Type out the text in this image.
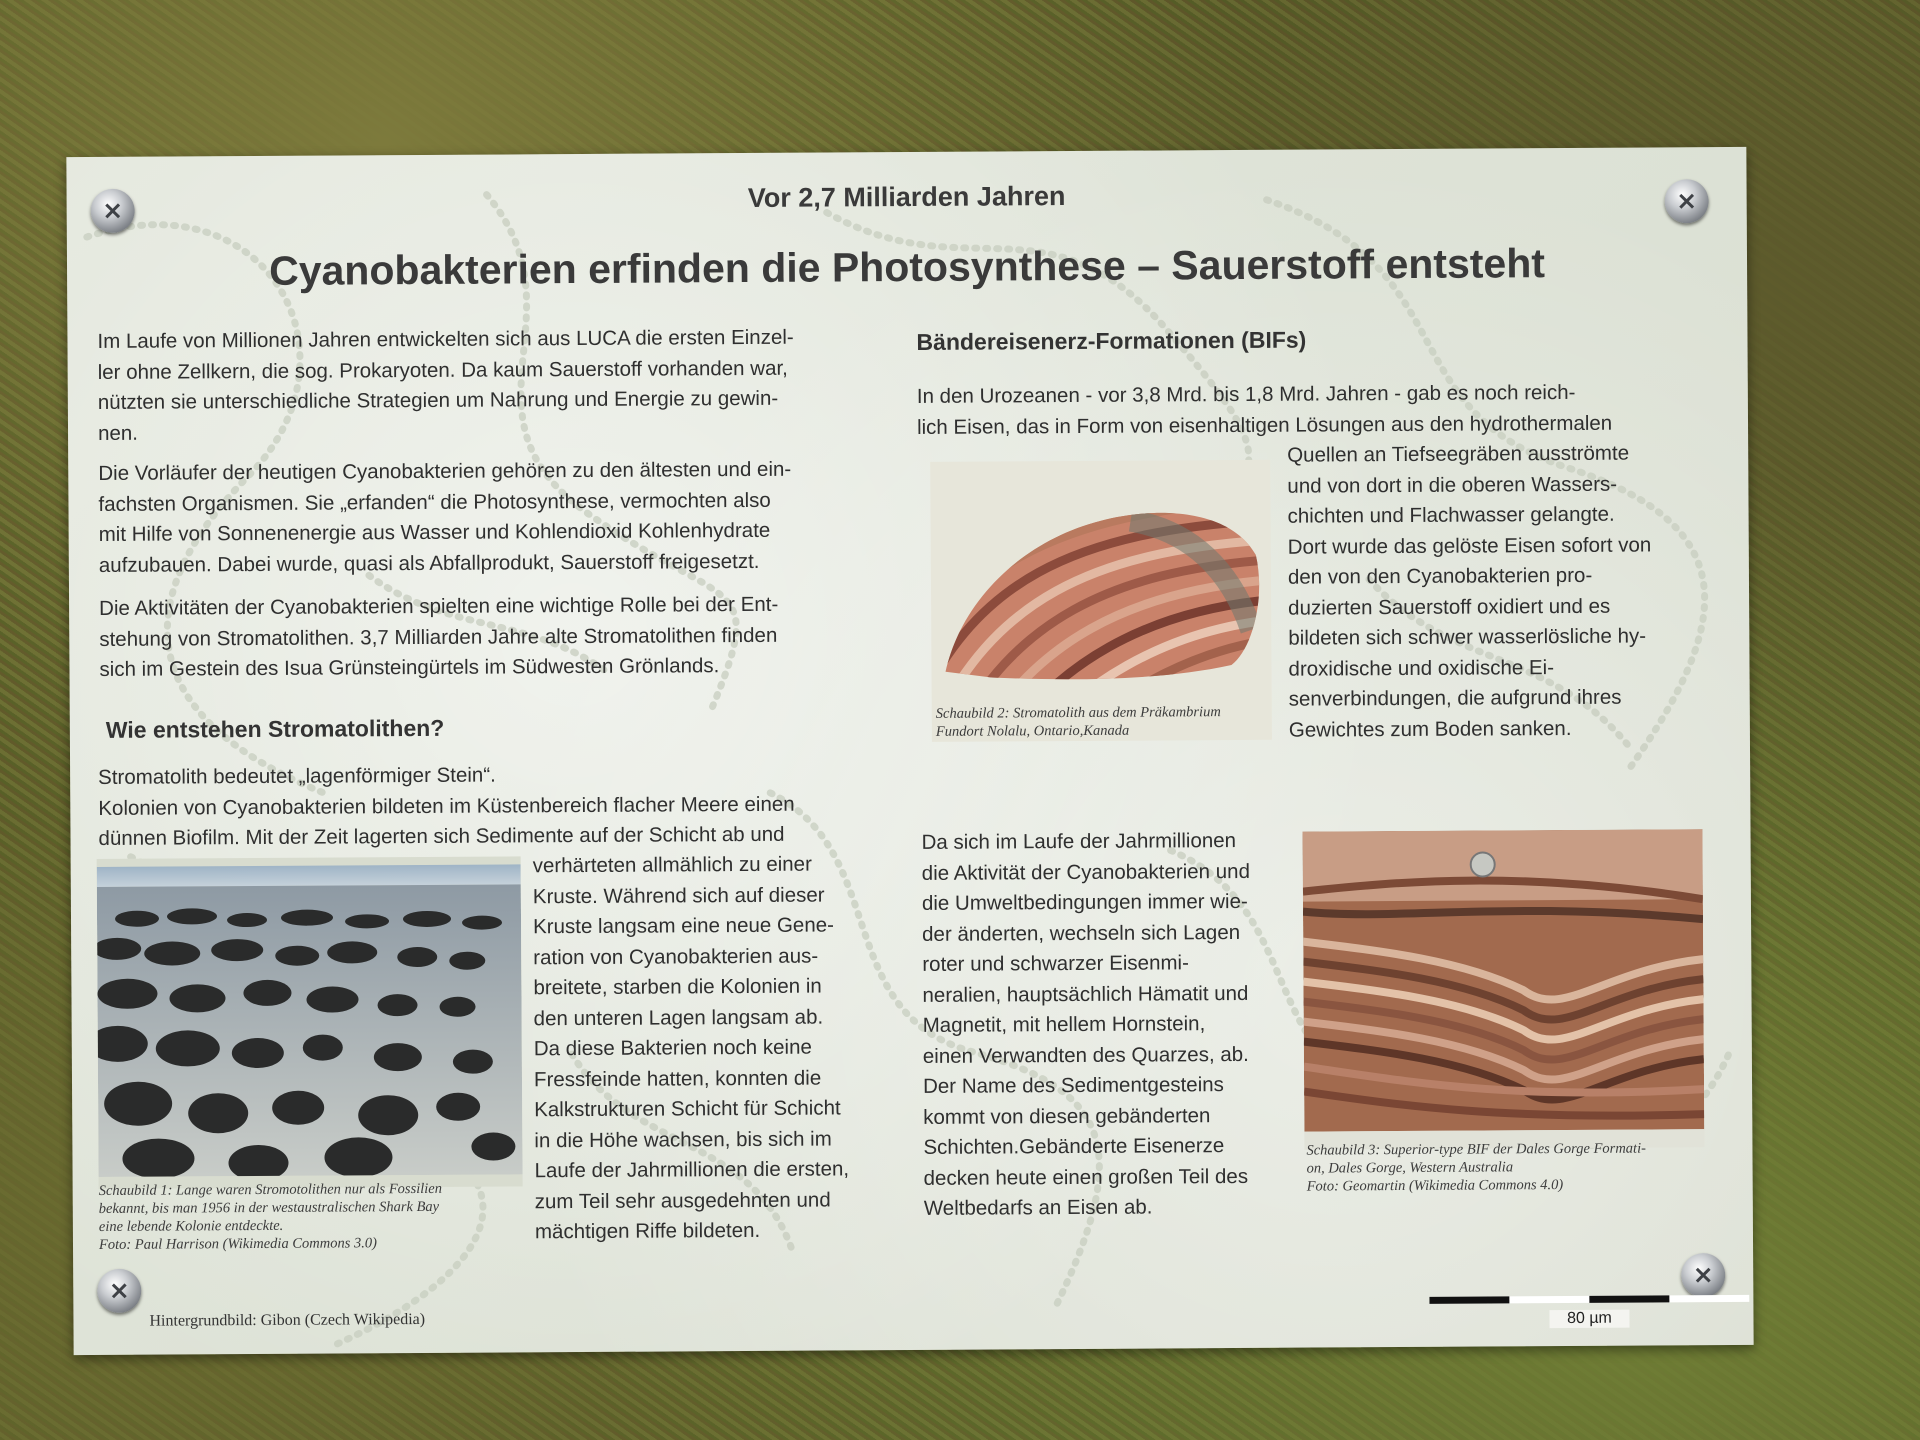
Vor 2,7 Milliarden Jahren
Cyanobakterien erfinden die Photosynthese – Sauerstoff entsteht
Im Laufe von Millionen Jahren entwickelten sich aus LUCA die ersten Einzel-
ler ohne Zellkern, die sog. Prokaryoten. Da kaum Sauerstoff vorhanden war,
nützten sie unterschiedliche Strategien um Nahrung und Energie zu gewin-
nen.
Die Vorläufer der heutigen Cyanobakterien gehören zu den ältesten und ein-
fachsten Organismen. Sie „erfanden“ die Photosynthese, vermochten also
mit Hilfe von Sonnenenergie aus Wasser und Kohlendioxid Kohlenhydrate
aufzubauen. Dabei wurde, quasi als Abfallprodukt, Sauerstoff freigesetzt.
Die Aktivitäten der Cyanobakterien spielten eine wichtige Rolle bei der Ent-
stehung von Stromatolithen. 3,7 Milliarden Jahre alte Stromatolithen finden
sich im Gestein des Isua Grünsteingürtels im Südwesten Grönlands.
Wie entstehen Stromatolithen?
Stromatolith bedeutet „lagenförmiger Stein“.
Kolonien von Cyanobakterien bildeten im Küstenbereich flacher Meere einen
dünnen Biofilm. Mit der Zeit lagerten sich Sedimente auf der Schicht ab und
verhärteten allmählich zu einer
Kruste. Während sich auf dieser
Kruste langsam eine neue Gene-
ration von Cyanobakterien aus-
breitete, starben die Kolonien in
den unteren Lagen langsam ab.
Da diese Bakterien noch keine
Fressfeinde hatten, konnten die
Kalkstrukturen Schicht für Schicht
in die Höhe wachsen, bis sich im
Laufe der Jahrmillionen die ersten,
zum Teil sehr ausgedehnten und
mächtigen Riffe bildeten.
Schaubild 1: Lange waren Stromotolithen nur als Fossilien
bekannt, bis man 1956 in der westaustralischen Shark Bay
eine lebende Kolonie entdeckte.
Foto: Paul Harrison (Wikimedia Commons 3.0)
Bändereisenerz-Formationen (BIFs)
In den Urozeanen - vor 3,8 Mrd. bis 1,8 Mrd. Jahren - gab es noch reich-
lich Eisen, das in Form von eisenhaltigen Lösungen aus den hydrothermalen
Quellen an Tiefseegräben ausströmte
und von dort in die oberen Wassers-
chichten und Flachwasser gelangte.
Dort wurde das gelöste Eisen sofort von
den von den Cyanobakterien pro-
duzierten Sauerstoff oxidiert und es
bildeten sich schwer wasserlösliche hy-
droxidische und oxidische Ei-
senverbindungen, die aufgrund ihres
Gewichtes zum Boden sanken.
Schaubild 2: Stromatolith aus dem Präkambrium
Fundort Nolalu, Ontario,Kanada
Da sich im Laufe der Jahrmillionen
die Aktivität der Cyanobakterien und
die Umweltbedingungen immer wie-
der änderten, wechseln sich Lagen
roter und schwarzer Eisenmi-
neralien, hauptsächlich Hämatit und
Magnetit, mit hellem Hornstein,
einen Verwandten des Quarzes, ab.
Der Name des Sedimentgesteins
kommt von diesen gebänderten
Schichten.Gebänderte Eisenerze
decken heute einen großen Teil des
Weltbedarfs an Eisen ab.
Schaubild 3: Superior-type BIF der Dales Gorge Formati-
on, Dales Gorge, Western Australia
Foto: Geomartin (Wikimedia Commons 4.0)
Hintergrundbild: Gibon (Czech Wikipedia)	80 µm
